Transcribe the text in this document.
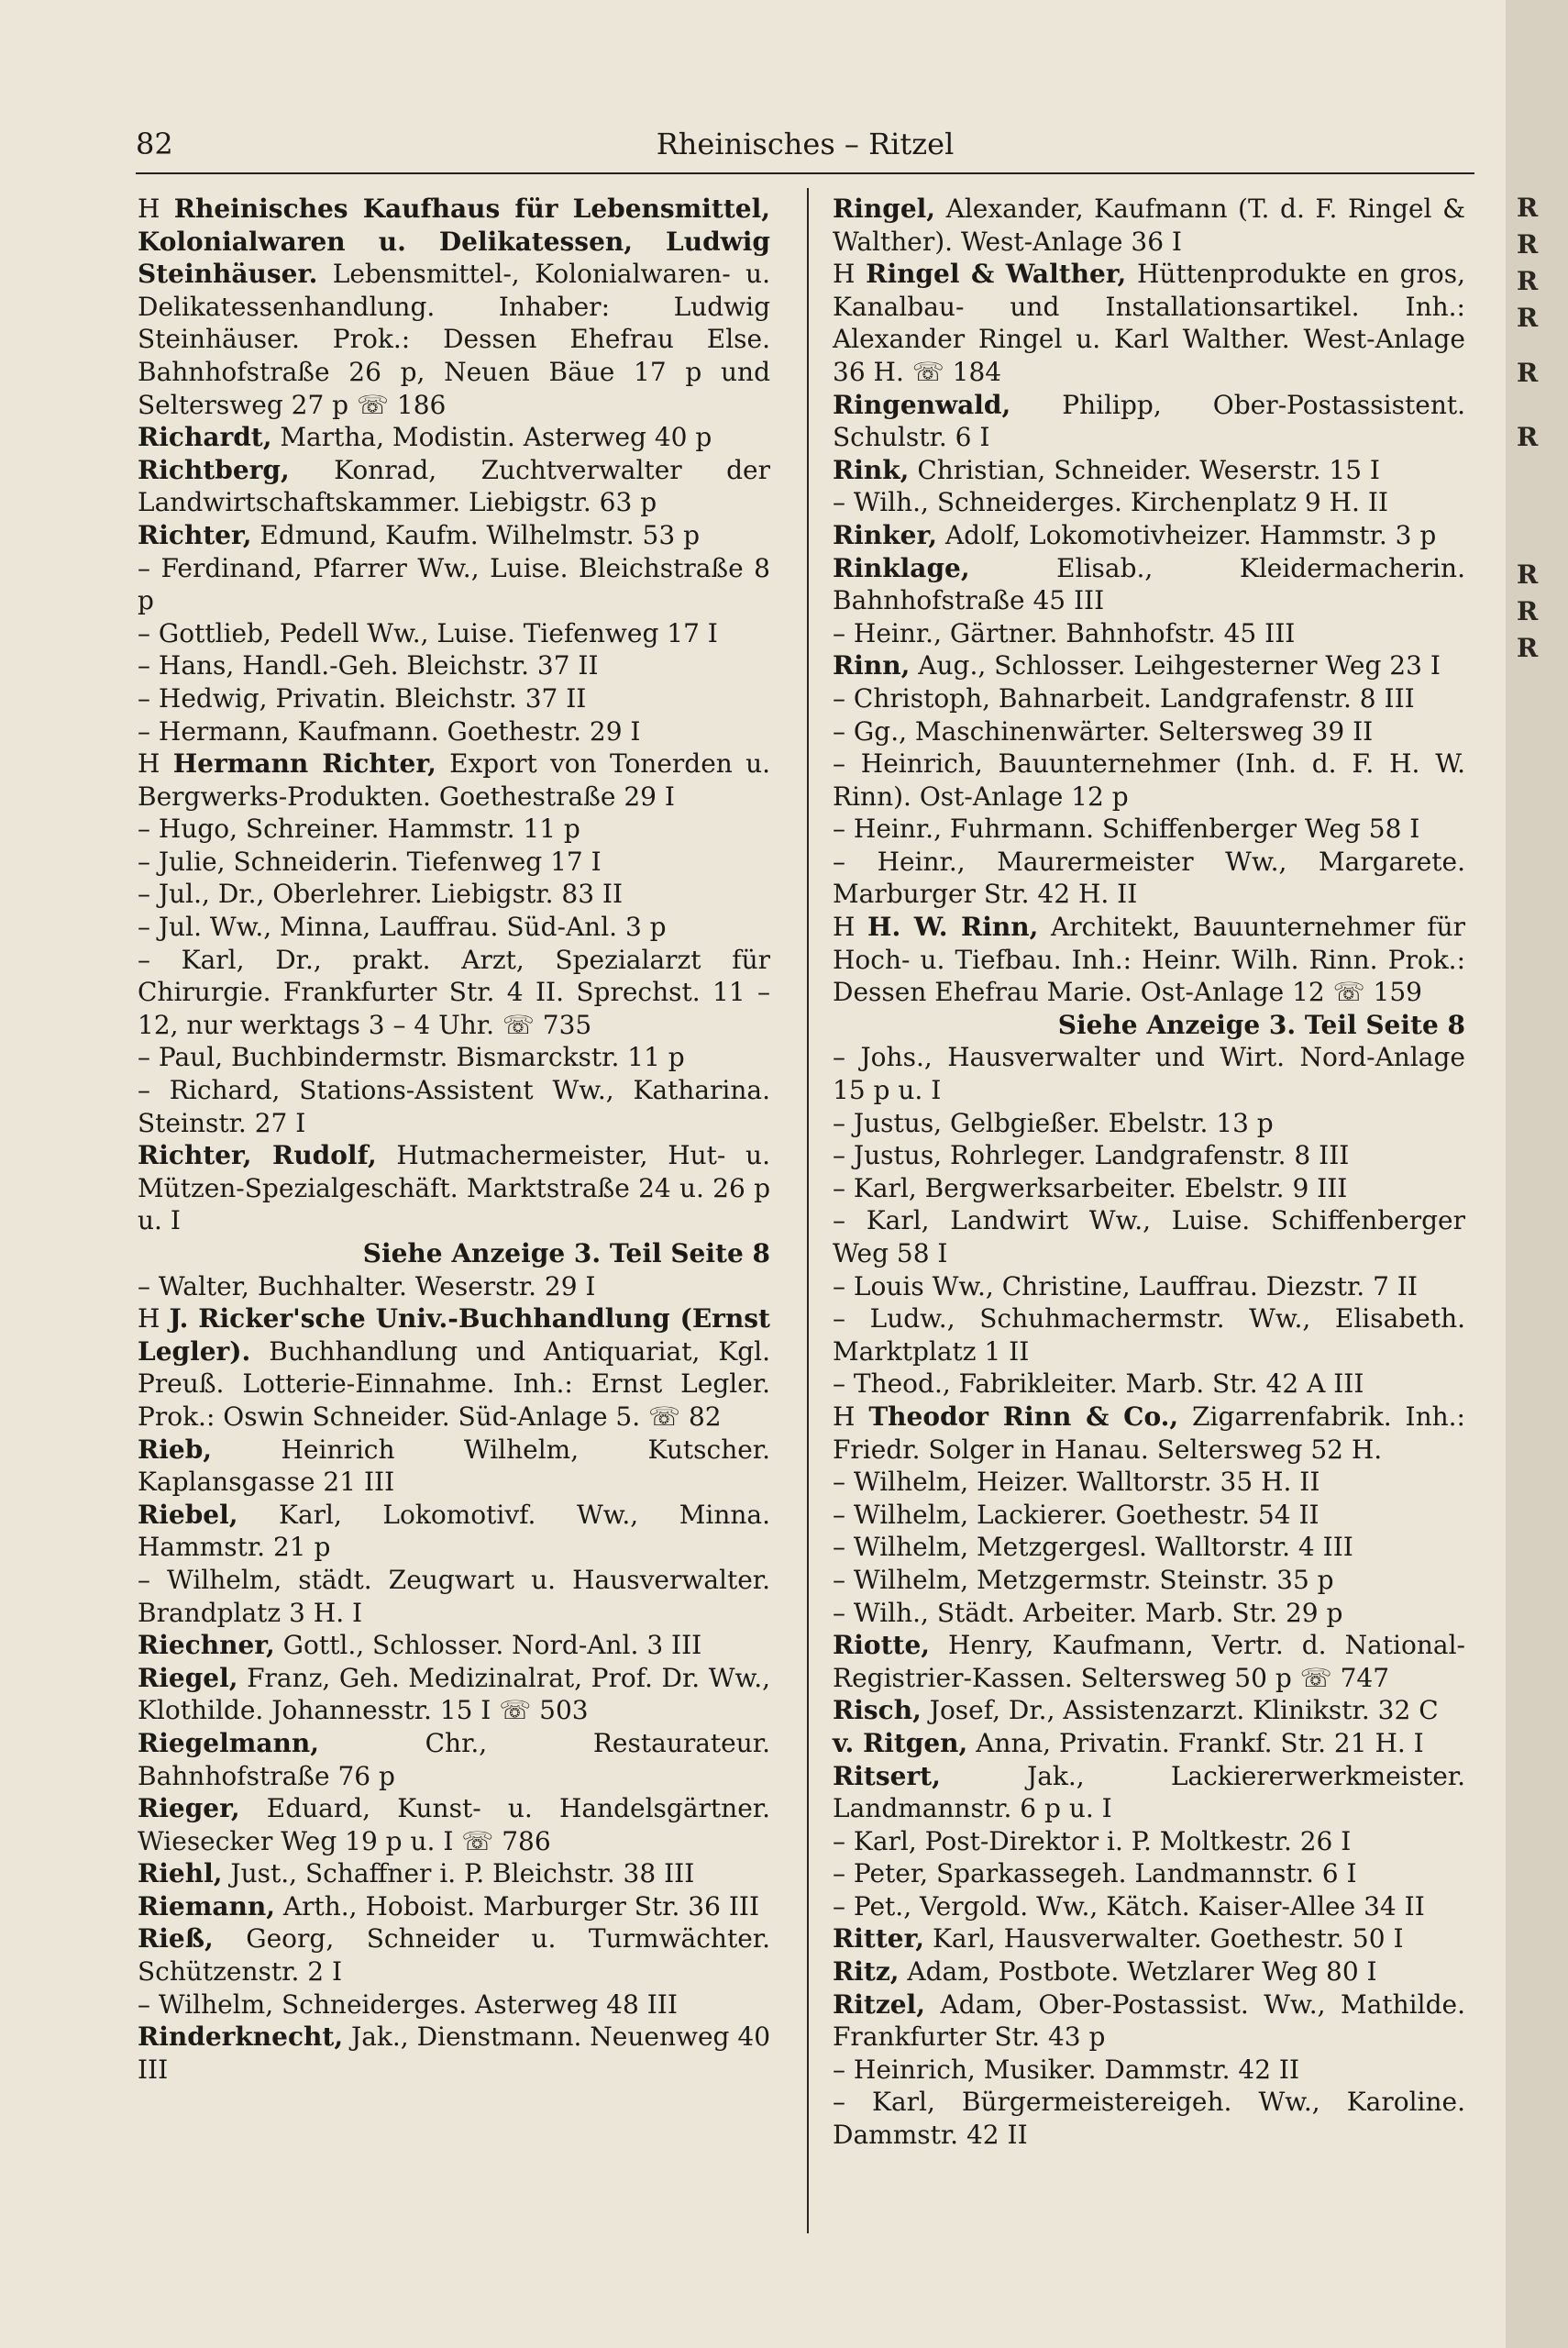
82	Rheinisches – Ritzel
H Rheinisches Kaufhaus für Lebensmittel, Kolonialwaren u. Delikatessen, Ludwig Steinhäuser. Lebensmittel-, Kolonialwaren- u. Delikatessenhandlung. Inhaber: Ludwig Steinhäuser. Prok.: Dessen Ehefrau Else. Bahnhofstraße 26 p, Neuen Bäue 17 p und Seltersweg 27 p ☏ 186
Richardt, Martha, Modistin. Asterweg 40 p
Richtberg, Konrad, Zuchtverwalter der Landwirtschaftskammer. Liebigstr. 63 p
Richter, Edmund, Kaufm. Wilhelmstr. 53 p
– Ferdinand, Pfarrer Ww., Luise. Bleichstraße 8 p
– Gottlieb, Pedell Ww., Luise. Tiefenweg 17 I
– Hans, Handl.-Geh. Bleichstr. 37 II
– Hedwig, Privatin. Bleichstr. 37 II
– Hermann, Kaufmann. Goethestr. 29 I
H Hermann Richter, Export von Tonerden u. Bergwerks-Produkten. Goethestraße 29 I
– Hugo, Schreiner. Hammstr. 11 p
– Julie, Schneiderin. Tiefenweg 17 I
– Jul., Dr., Oberlehrer. Liebigstr. 83 II
– Jul. Ww., Minna, Lauffrau. Süd-Anl. 3 p
– Karl, Dr., prakt. Arzt, Spezialarzt für Chirurgie. Frankfurter Str. 4 II. Sprechst. 11 – 12, nur werktags 3 – 4 Uhr. ☏ 735
– Paul, Buchbindermstr. Bismarckstr. 11 p
– Richard, Stations-Assistent Ww., Katharina. Steinstr. 27 I
Richter, Rudolf, Hutmachermeister, Hut- u. Mützen-Spezialgeschäft. Marktstraße 24 u. 26 p u. I
Siehe Anzeige 3. Teil Seite 8
– Walter, Buchhalter. Weserstr. 29 I
H J. Ricker'sche Univ.-Buchhandlung (Ernst Legler). Buchhandlung und Antiquariat, Kgl. Preuß. Lotterie-Einnahme. Inh.: Ernst Legler. Prok.: Oswin Schneider. Süd-Anlage 5. ☏ 82
Rieb, Heinrich Wilhelm, Kutscher. Kaplansgasse 21 III
Riebel, Karl, Lokomotivf. Ww., Minna. Hammstr. 21 p
– Wilhelm, städt. Zeugwart u. Hausverwalter. Brandplatz 3 H. I
Riechner, Gottl., Schlosser. Nord-Anl. 3 III
Riegel, Franz, Geh. Medizinalrat, Prof. Dr. Ww., Klothilde. Johannesstr. 15 I ☏ 503
Riegelmann, Chr., Restaurateur. Bahnhofstraße 76 p
Rieger, Eduard, Kunst- u. Handelsgärtner. Wiesecker Weg 19 p u. I ☏ 786
Riehl, Just., Schaffner i. P. Bleichstr. 38 III
Riemann, Arth., Hoboist. Marburger Str. 36 III
Rieß, Georg, Schneider u. Turmwächter. Schützenstr. 2 I
– Wilhelm, Schneiderges. Asterweg 48 III
Rinderknecht, Jak., Dienstmann. Neuenweg 40 III
Ringel, Alexander, Kaufmann (T. d. F. Ringel & Walther). West-Anlage 36 I
H Ringel & Walther, Hüttenprodukte en gros, Kanalbau- und Installationsartikel. Inh.: Alexander Ringel u. Karl Walther. West-Anlage 36 H. ☏ 184
Ringenwald, Philipp, Ober-Postassistent. Schulstr. 6 I
Rink, Christian, Schneider. Weserstr. 15 I
– Wilh., Schneiderges. Kirchenplatz 9 H. II
Rinker, Adolf, Lokomotivheizer. Hammstr. 3 p
Rinklage, Elisab., Kleidermacherin. Bahnhofstraße 45 III
– Heinr., Gärtner. Bahnhofstr. 45 III
Rinn, Aug., Schlosser. Leihgesterner Weg 23 I
– Christoph, Bahnarbeit. Landgrafenstr. 8 III
– Gg., Maschinenwärter. Seltersweg 39 II
– Heinrich, Bauunternehmer (Inh. d. F. H. W. Rinn). Ost-Anlage 12 p
– Heinr., Fuhrmann. Schiffenberger Weg 58 I
– Heinr., Maurermeister Ww., Margarete. Marburger Str. 42 H. II
H H. W. Rinn, Architekt, Bauunternehmer für Hoch- u. Tiefbau. Inh.: Heinr. Wilh. Rinn. Prok.: Dessen Ehefrau Marie. Ost-Anlage 12 ☏ 159
Siehe Anzeige 3. Teil Seite 8
– Johs., Hausverwalter und Wirt. Nord-Anlage 15 p u. I
– Justus, Gelbgießer. Ebelstr. 13 p
– Justus, Rohrleger. Landgrafenstr. 8 III
– Karl, Bergwerksarbeiter. Ebelstr. 9 III
– Karl, Landwirt Ww., Luise. Schiffenberger Weg 58 I
– Louis Ww., Christine, Lauffrau. Diezstr. 7 II
– Ludw., Schuhmachermstr. Ww., Elisabeth. Marktplatz 1 II
– Theod., Fabrikleiter. Marb. Str. 42 A III
H Theodor Rinn & Co., Zigarrenfabrik. Inh.: Friedr. Solger in Hanau. Seltersweg 52 H.
– Wilhelm, Heizer. Walltorstr. 35 H. II
– Wilhelm, Lackierer. Goethestr. 54 II
– Wilhelm, Metzgergesl. Walltorstr. 4 III
– Wilhelm, Metzgermstr. Steinstr. 35 p
– Wilh., Städt. Arbeiter. Marb. Str. 29 p
Riotte, Henry, Kaufmann, Vertr. d. National-Registrier-Kassen. Seltersweg 50 p ☏ 747
Risch, Josef, Dr., Assistenzarzt. Klinikstr. 32 C
v. Ritgen, Anna, Privatin. Frankf. Str. 21 H. I
Ritsert, Jak., Lackiererwerkmeister. Landmannstr. 6 p u. I
– Karl, Post-Direktor i. P. Moltkestr. 26 I
– Peter, Sparkassegeh. Landmannstr. 6 I
– Pet., Vergold. Ww., Kätch. Kaiser-Allee 34 II
Ritter, Karl, Hausverwalter. Goethestr. 50 I
Ritz, Adam, Postbote. Wetzlarer Weg 80 I
Ritzel, Adam, Ober-Postassist. Ww., Mathilde. Frankfurter Str. 43 p
– Heinrich, Musiker. Dammstr. 42 II
– Karl, Bürgermeistereigeh. Ww., Karoline. Dammstr. 42 II
R
R
R
R
R
R
R
R
R
